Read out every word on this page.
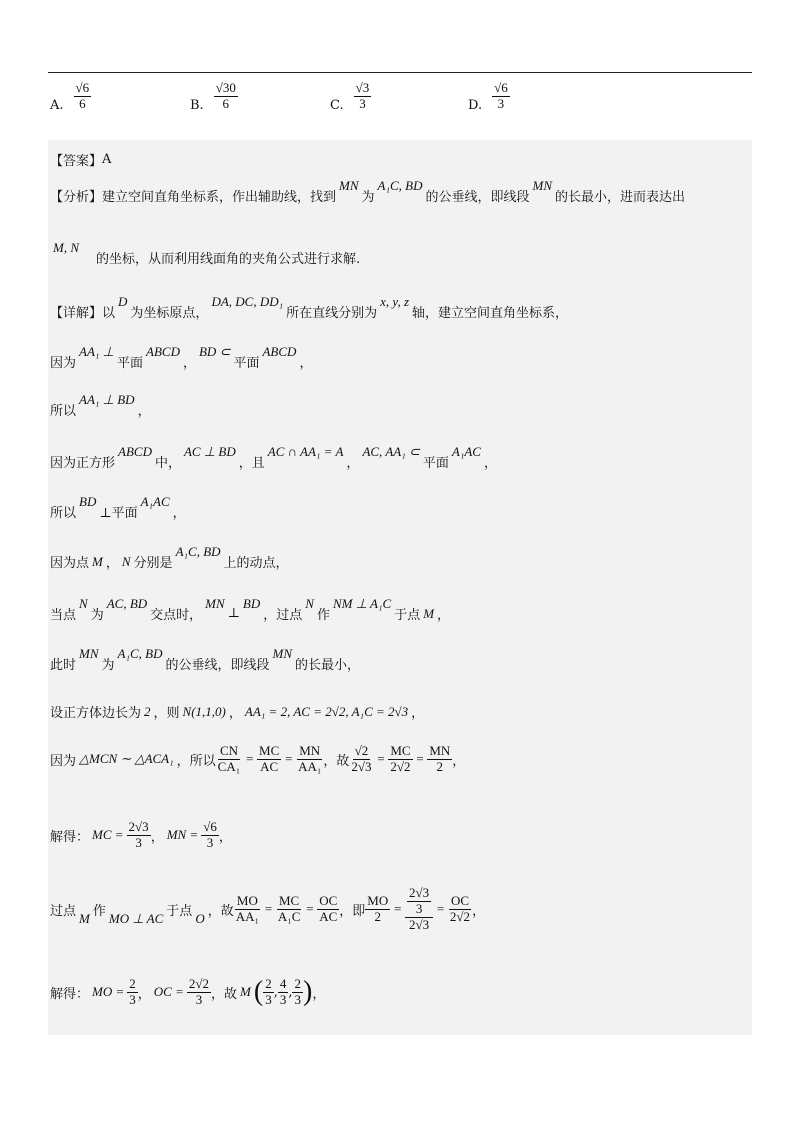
A. $\frac{√6}{6}$	B. $\frac{√30}{6}$	C. $\frac{√3}{3}$	D. $\frac{√6}{3}$
【答案】 A
【分析】 建立空间直角坐标系，作出辅助线，找到
MN
为
A₁C, BD
的公垂线，即线段
MN
的长最小，进而表达出
M, N
的坐标，从而利用线面角的夹角公式进行求解.
【详解】 以
D
为坐标原点，
DA, DC, DD₁
所在直线分别为
x, y, z
轴，建立空间直角坐标系，
因为
AA₁ ⊥
平面
ABCD
，
BD ⊂
平面
ABCD
，
所以
AA₁ ⊥ BD
，
因为正方形
ABCD
中，
AC ⊥ BD
，且
AC ∩ AA₁ = A
，
AC, AA₁ ⊂
平面
A₁AC
，
所以
BD
⊥平面
A₁AC
，
因为点 M ， N 分别是
A₁C, BD
上的动点，
当点
N
为
AC, BD
交点时，
MN
⊥
BD
，过点
N
作
NM ⊥ A₁C
于点 M ，
此时
MN
为
A₁C, BD
的公垂线，即线段
MN
的长最小，
设正方体边长为 2 ，则 N(1,1,0) ， AA₁ = 2, AC = 2√2, A₁C = 2√3 ，
因为 △MCN ∼ △ACA₁ ，所以 $\frac{CN}{\text{CA₁}} = \frac{MC}{AC} = \frac{MN}{\text{AA₁}}$ ，故 $\frac{√2}{2√3} = \frac{MC}{2√2} = \frac{MN}{2}$ ，
解得： MC = $\frac{2√3}{3}$ ， MN = $\frac{√6}{3}$ ，
过点 M 作 MO ⊥ AC 于点 O ，故 $\frac{MO}{\text{AA₁}} = \frac{MC}{\text{A₁C}} = \frac{OC}{AC}$ ，即 $\frac{MO}{2} = \frac{\frac{2√3}{3}}{2√3} = \frac{OC}{2√2}$ ，
解得： MO = $\frac{2}{3}$ ， OC = $\frac{2√2}{3}$ ，故 M ( $\frac{2}{3}$ , $\frac{4}{3}$ , $\frac{2}{3}$ ) ，
